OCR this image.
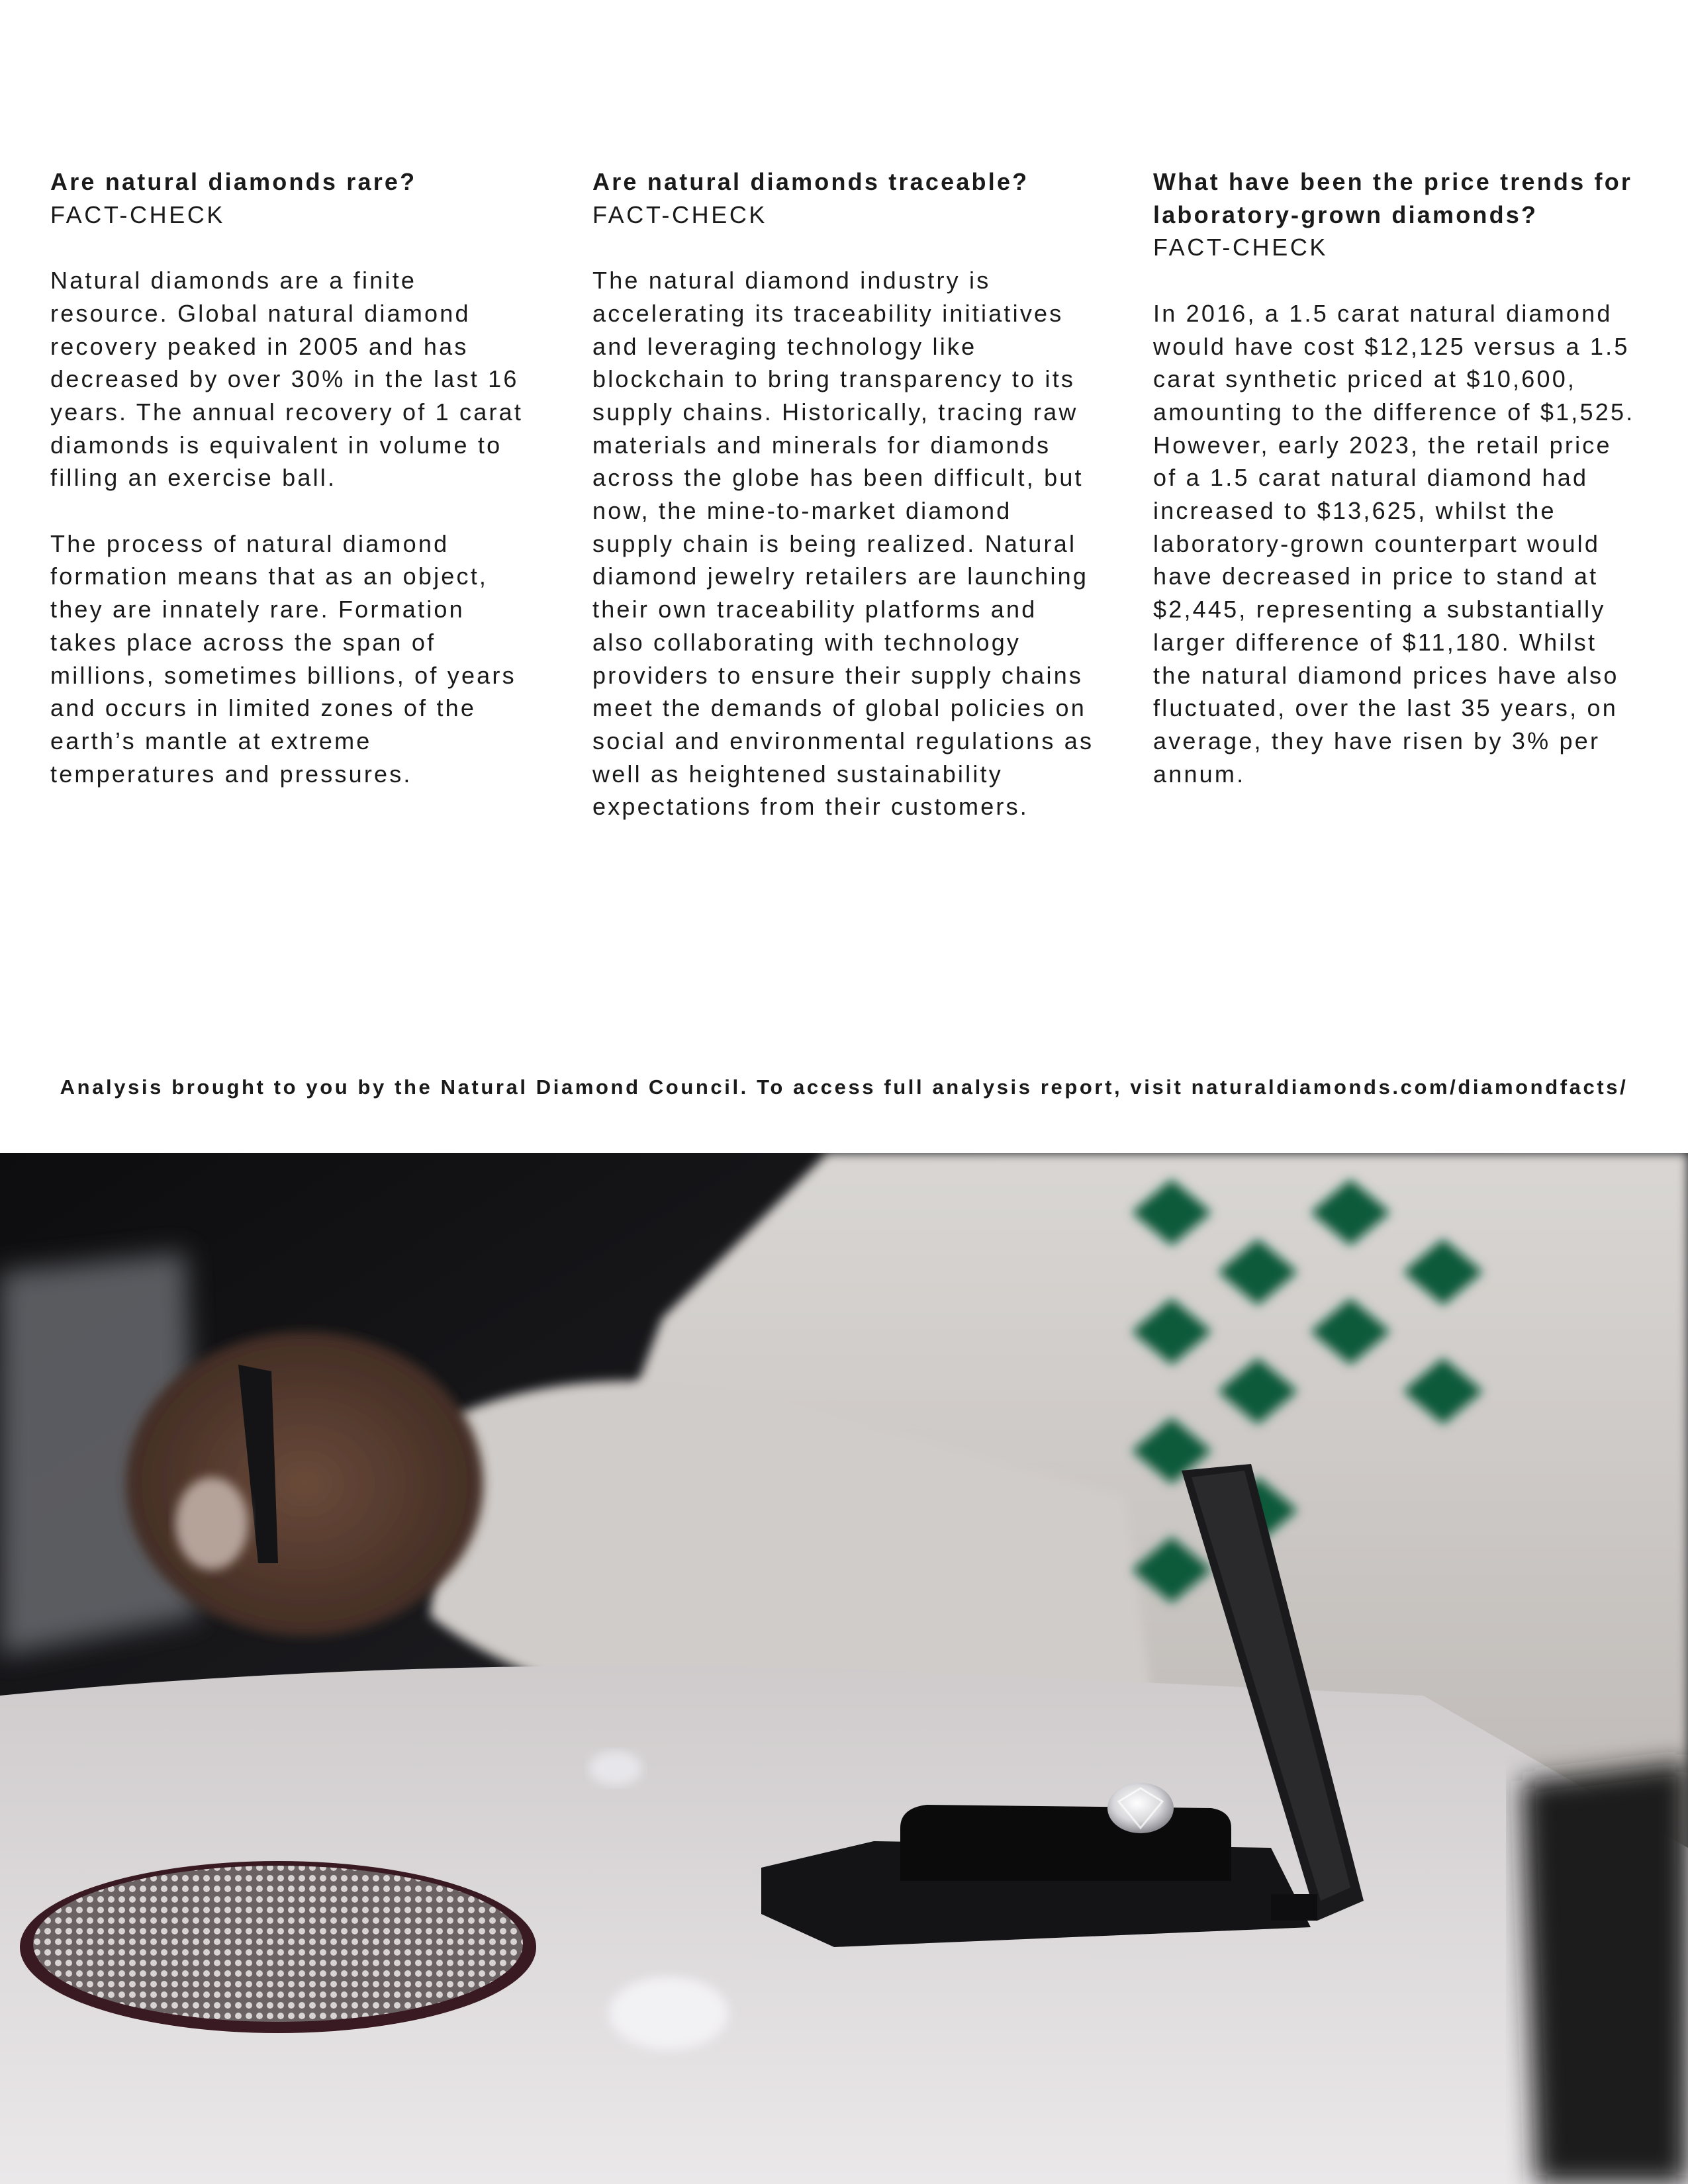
Are natural diamonds rare?

FACT-CHECK

Natural diamonds are a finite resource. Global natural diamond recovery peaked in 2005 and has decreased by over 30% in the last 16 years. The annual recovery of 1 carat diamonds is equivalent in volume to filling an exercise ball.

The process of natural diamond formation means that as an object, they are innately rare. Formation takes place across the span of millions, sometimes billions, of years and occurs in limited zones of the earth’s mantle at extreme temperatures and pressures.

Are natural diamonds traceable?

FACT-CHECK

The natural diamond industry is accelerating its traceability initiatives and leveraging technology like blockchain to bring transparency to its supply chains. Historically, tracing raw materials and minerals for diamonds across the globe has been difficult, but now, the mine-to-market diamond supply chain is being realized. Natural diamond jewelry retailers are launching their own traceability platforms and also collaborating with technology providers to ensure their supply chains meet the demands of global policies on social and environmental regulations as well as heightened sustainability expectations from their customers.

What have been the price trends for laboratory-grown diamonds?

FACT-CHECK

In 2016, a 1.5 carat natural diamond would have cost $12,125 versus a 1.5 carat synthetic priced at $10,600, amounting to the difference of $1,525. However, early 2023, the retail price of a 1.5 carat natural diamond had increased to $13,625, whilst the laboratory-grown counterpart would have decreased in price to stand at $2,445, representing a substantially larger difference of $11,180. Whilst the natural diamond prices have also fluctuated, over the last 35 years, on average, they have risen by 3% per annum.

Analysis brought to you by the Natural Diamond Council. To access full analysis report, visit naturaldiamonds.com/diamondfacts/
